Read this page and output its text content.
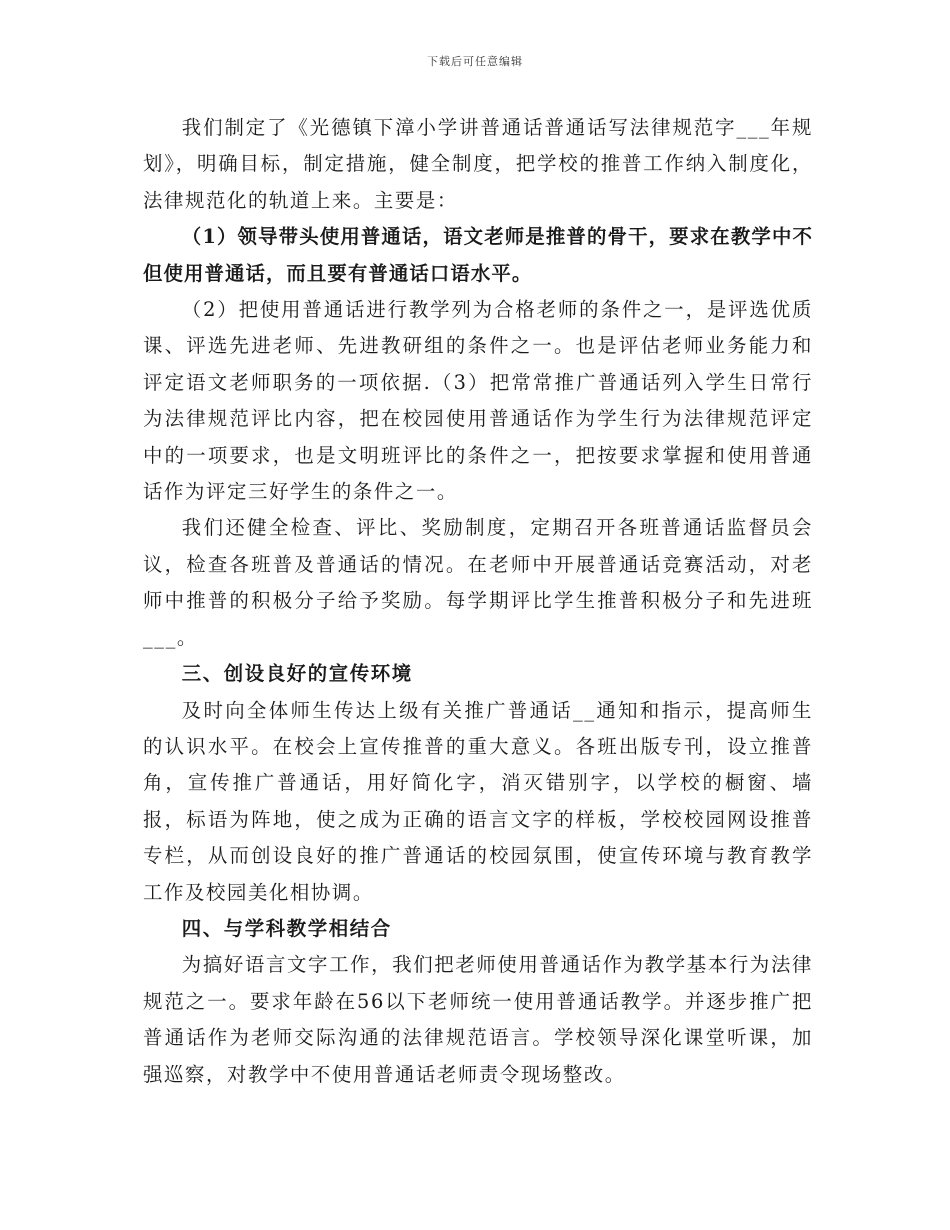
下载后可任意编辑

我们制定了《光德镇下漳小学讲普通话普通话写法律规范字___年规划》，明确目标，制定措施，健全制度，把学校的推普工作纳入制度化，法律规范化的轨道上来。主要是：

（1）领导带头使用普通话，语文老师是推普的骨干，要求在教学中不但使用普通话，而且要有普通话口语水平。

（2）把使用普通话进行教学列为合格老师的条件之一，是评选优质课、评选先进老师、先进教研组的条件之一。也是评估老师业务能力和评定语文老师职务的一项依据.（3）把常常推广普通话列入学生日常行为法律规范评比内容，把在校园使用普通话作为学生行为法律规范评定中的一项要求，也是文明班评比的条件之一，把按要求掌握和使用普通话作为评定三好学生的条件之一。

我们还健全检查、评比、奖励制度，定期召开各班普通话监督员会议，检查各班普及普通话的情况。在老师中开展普通话竞赛活动，对老师中推普的积极分子给予奖励。每学期评比学生推普积极分子和先进班___。

三、创设良好的宣传环境

及时向全体师生传达上级有关推广普通话__通知和指示，提高师生的认识水平。在校会上宣传推普的重大意义。各班出版专刊，设立推普角，宣传推广普通话，用好简化字，消灭错别字，以学校的橱窗、墙报，标语为阵地，使之成为正确的语言文字的样板，学校校园网设推普专栏，从而创设良好的推广普通话的校园氛围，使宣传环境与教育教学工作及校园美化相协调。

四、与学科教学相结合

为搞好语言文字工作，我们把老师使用普通话作为教学基本行为法律规范之一。要求年龄在56以下老师统一使用普通话教学。并逐步推广把普通话作为老师交际沟通的法律规范语言。学校领导深化课堂听课，加强巡察，对教学中不使用普通话老师责令现场整改。
